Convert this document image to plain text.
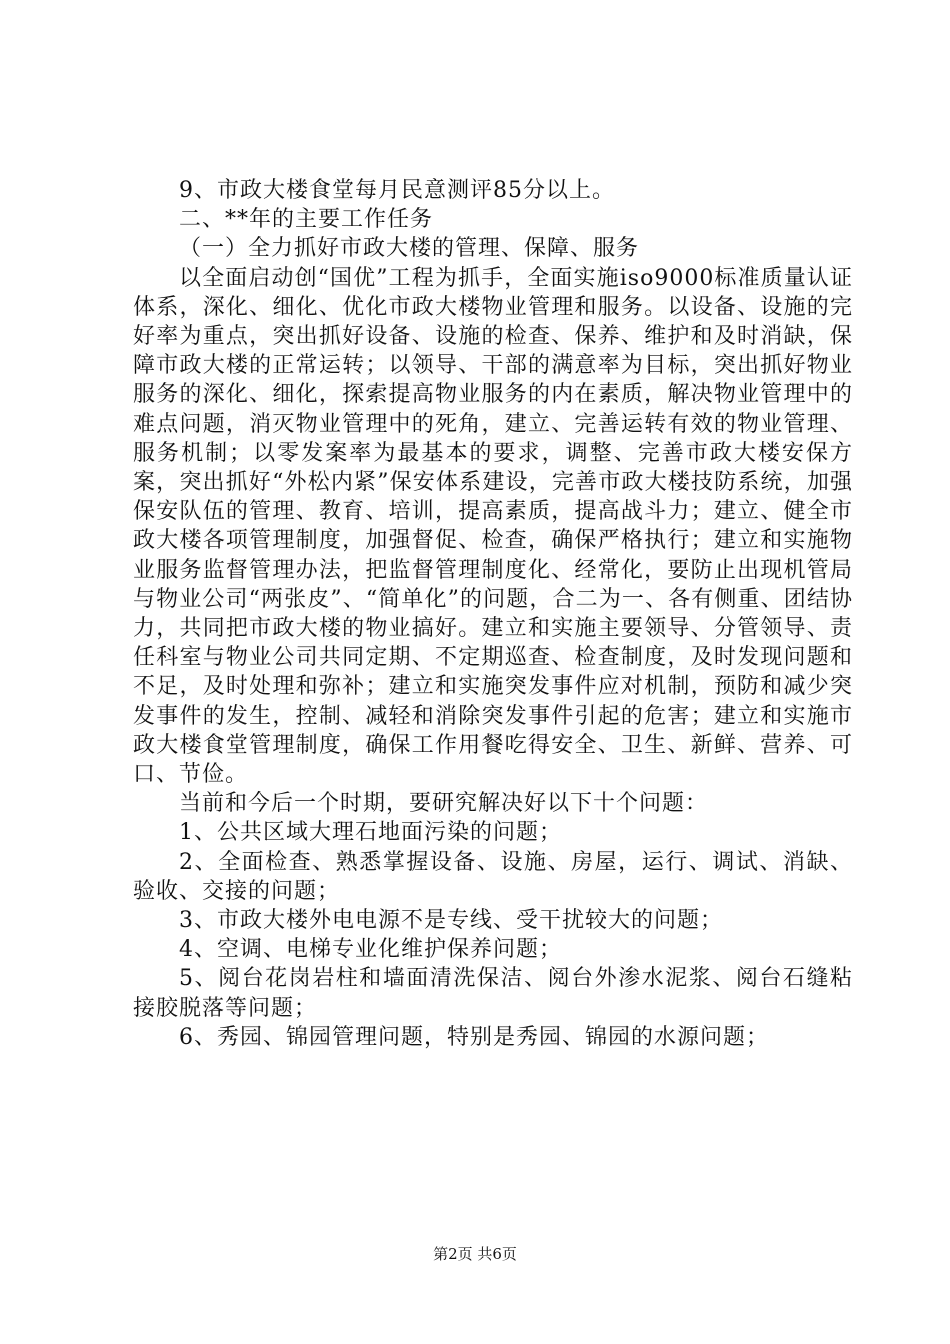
9、市政大楼食堂每月民意测评85分以上。

二、**年的主要工作任务

（一）全力抓好市政大楼的管理、保障、服务

以全面启动创“国优”工程为抓手，全面实施iso9000标准质量认证体系，深化、细化、优化市政大楼物业管理和服务。以设备、设施的完好率为重点，突出抓好设备、设施的检查、保养、维护和及时消缺，保障市政大楼的正常运转；以领导、干部的满意率为目标，突出抓好物业服务的深化、细化，探索提高物业服务的内在素质，解决物业管理中的难点问题，消灭物业管理中的死角，建立、完善运转有效的物业管理、服务机制；以零发案率为最基本的要求，调整、完善市政大楼安保方案，突出抓好“外松内紧”保安体系建设，完善市政大楼技防系统，加强保安队伍的管理、教育、培训，提高素质，提高战斗力；建立、健全市政大楼各项管理制度，加强督促、检查，确保严格执行；建立和实施物业服务监督管理办法，把监督管理制度化、经常化，要防止出现机管局与物业公司“两张皮”、“简单化”的问题，合二为一、各有侧重、团结协力，共同把市政大楼的物业搞好。建立和实施主要领导、分管领导、责任科室与物业公司共同定期、不定期巡查、检查制度，及时发现问题和不足，及时处理和弥补；建立和实施突发事件应对机制，预防和减少突发事件的发生，控制、减轻和消除突发事件引起的危害；建立和实施市政大楼食堂管理制度，确保工作用餐吃得安全、卫生、新鲜、营养、可口、节俭。

当前和今后一个时期，要研究解决好以下十个问题：

1、公共区域大理石地面污染的问题；

2、全面检查、熟悉掌握设备、设施、房屋，运行、调试、消缺、验收、交接的问题；

3、市政大楼外电电源不是专线、受干扰较大的问题；

4、空调、电梯专业化维护保养问题；

5、阅台花岗岩柱和墙面清洗保洁、阅台外渗水泥浆、阅台石缝粘接胶脱落等问题；

6、秀园、锦园管理问题，特别是秀园、锦园的水源问题；

第2页 共6页
